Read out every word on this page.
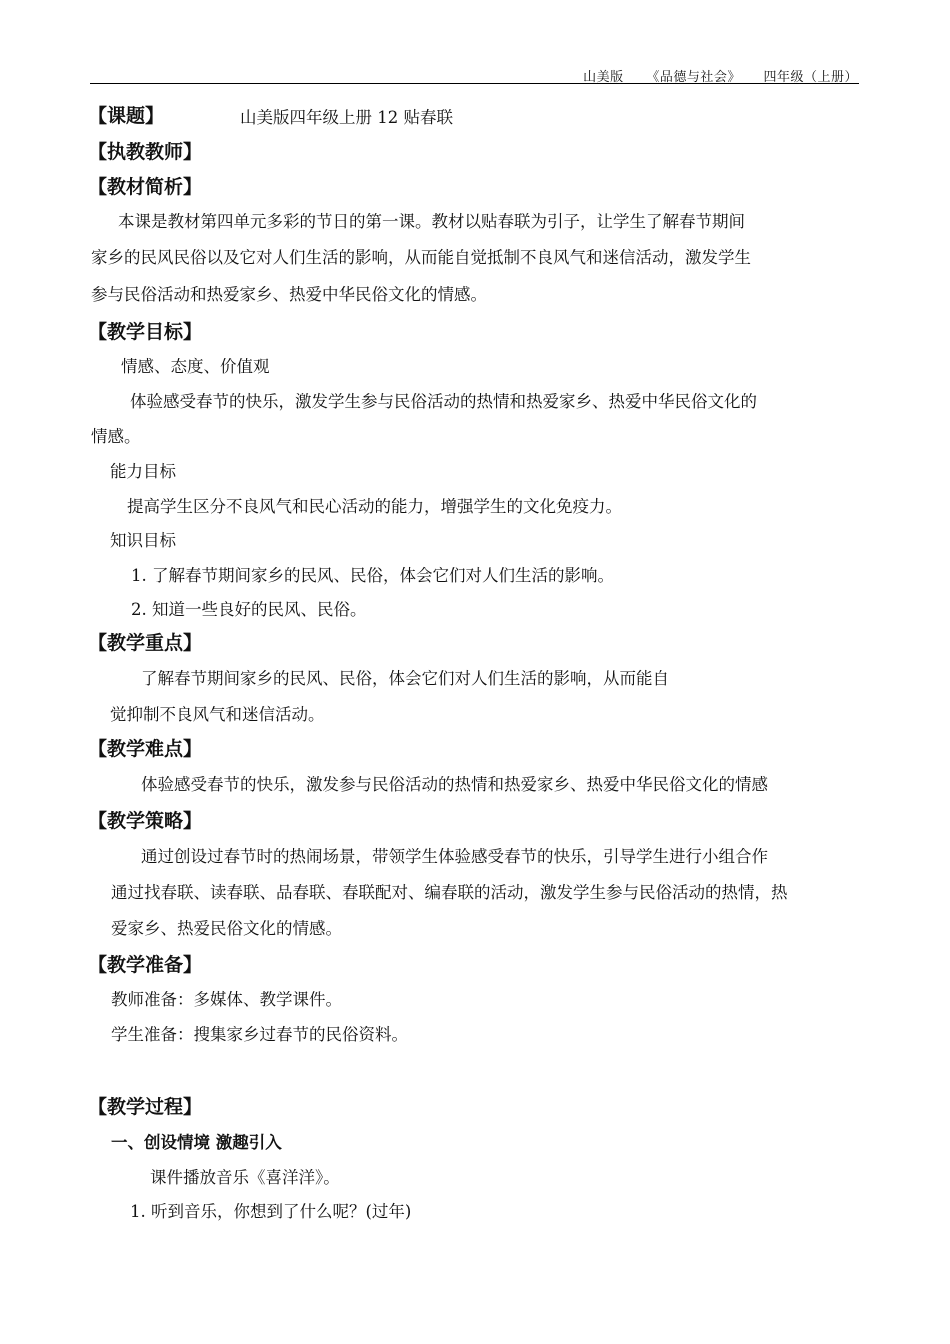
山美版 《品德与社会》 四年级（上册）
【课题】	山美版四年级上册 12 贴春联
【执教教师】
【教材简析】
本课是教材第四单元多彩的节日的第一课。教材以贴春联为引子，让学生了解春节期间
家乡的民风民俗以及它对人们生活的影响，从而能自觉抵制不良风气和迷信活动，激发学生
参与民俗活动和热爱家乡、热爱中华民俗文化的情感。
【教学目标】
情感、态度、价值观
体验感受春节的快乐，激发学生参与民俗活动的热情和热爱家乡、热爱中华民俗文化的
情感。
能力目标
提高学生区分不良风气和民心活动的能力，增强学生的文化免疫力。
知识目标
1. 了解春节期间家乡的民风、民俗，体会它们对人们生活的影响。
2. 知道一些良好的民风、民俗。
【教学重点】
了解春节期间家乡的民风、民俗，体会它们对人们生活的影响，从而能自
觉抑制不良风气和迷信活动。
【教学难点】
体验感受春节的快乐，激发参与民俗活动的热情和热爱家乡、热爱中华民俗文化的情感
【教学策略】
通过创设过春节时的热闹场景，带领学生体验感受春节的快乐，引导学生进行小组合作
通过找春联、读春联、品春联、春联配对、编春联的活动，激发学生参与民俗活动的热情，热
爱家乡、热爱民俗文化的情感。
【教学准备】
教师准备：多媒体、教学课件。
学生准备：搜集家乡过春节的民俗资料。
【教学过程】
一、创设情境 激趣引入
课件播放音乐《喜洋洋》。
1. 听到音乐，你想到了什么呢？(过年)
